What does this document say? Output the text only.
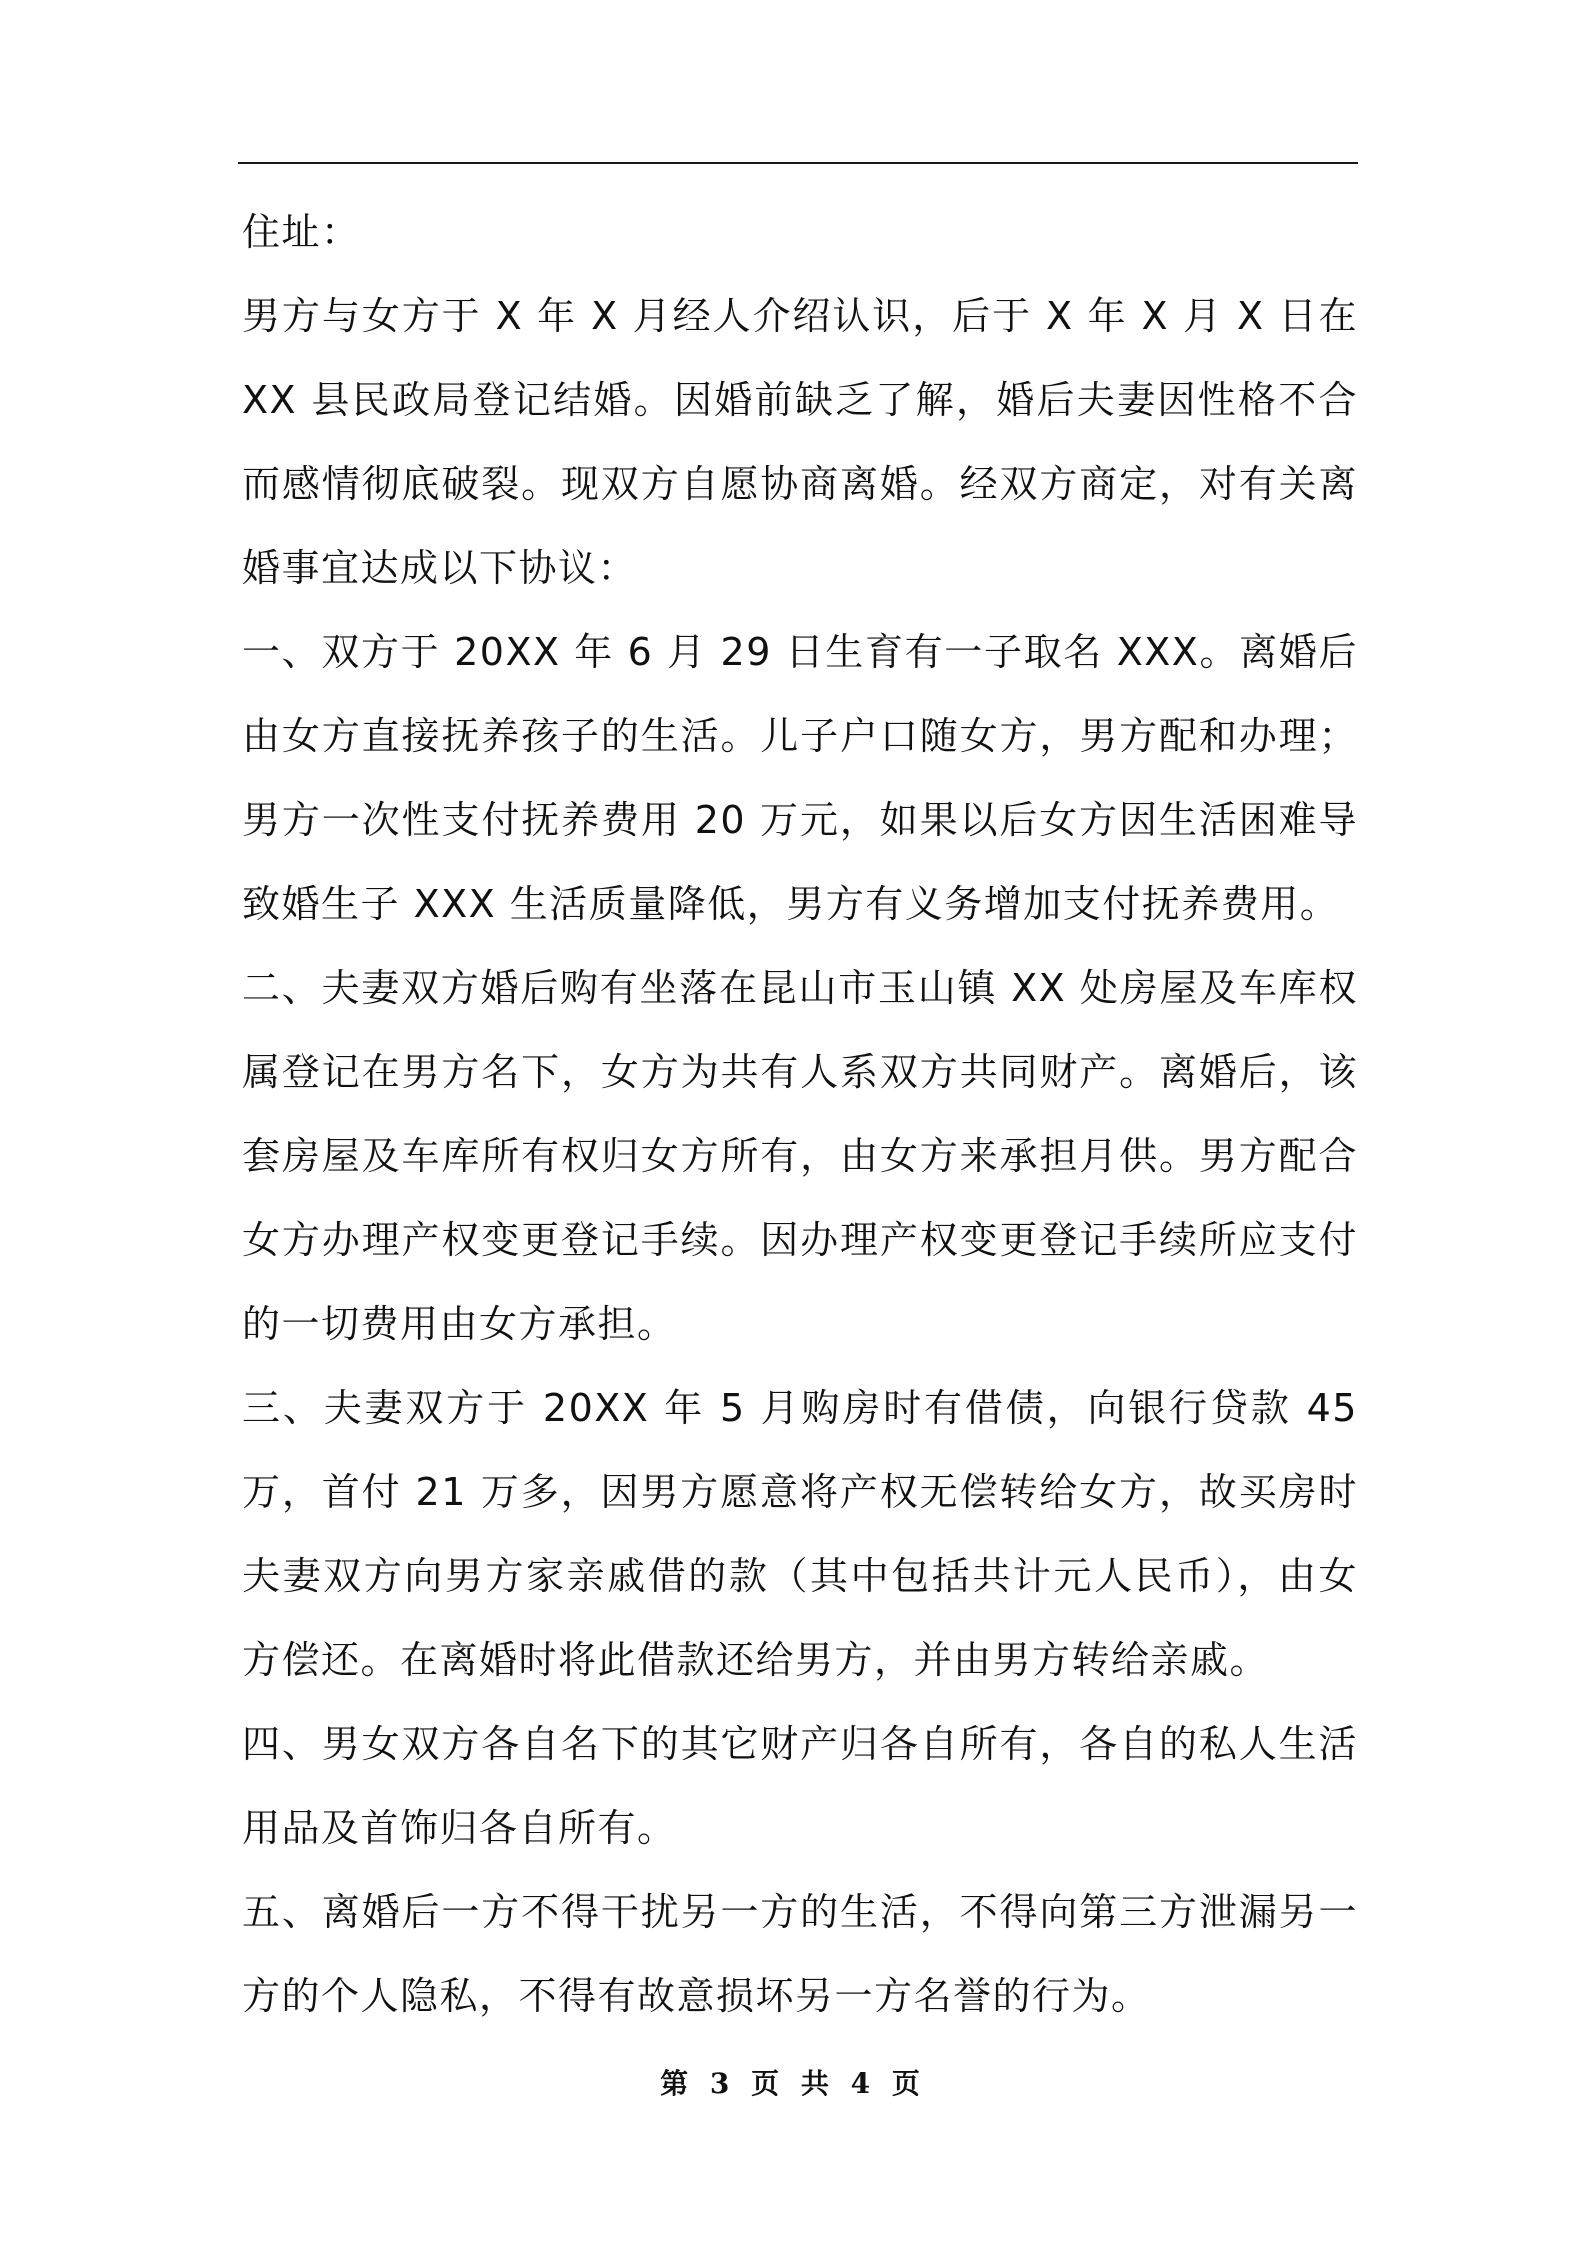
住址：

男方与女方于 X 年 X 月经人介绍认识，后于 X 年 X 月 X 日在 XX 县民政局登记结婚。因婚前缺乏了解，婚后夫妻因性格不合而感情彻底破裂。现双方自愿协商离婚。经双方商定，对有关离婚事宜达成以下协议：

一、双方于 20XX 年 6 月 29 日生育有一子取名 XXX。离婚后由女方直接抚养孩子的生活。儿子户口随女方，男方配和办理；男方一次性支付抚养费用 20 万元，如果以后女方因生活困难导致婚生子 XXX 生活质量降低，男方有义务增加支付抚养费用。

二、夫妻双方婚后购有坐落在昆山市玉山镇 XX 处房屋及车库权属登记在男方名下，女方为共有人系双方共同财产。离婚后，该套房屋及车库所有权归女方所有，由女方来承担月供。男方配合女方办理产权变更登记手续。因办理产权变更登记手续所应支付的一切费用由女方承担。

三、夫妻双方于 20XX 年 5 月购房时有借债，向银行贷款 45 万，首付 21 万多，因男方愿意将产权无偿转给女方，故买房时夫妻双方向男方家亲戚借的款（其中包括共计元人民币），由女方偿还。在离婚时将此借款还给男方，并由男方转给亲戚。

四、男女双方各自名下的其它财产归各自所有，各自的私人生活用品及首饰归各自所有。

五、离婚后一方不得干扰另一方的生活，不得向第三方泄漏另一方的个人隐私，不得有故意损坏另一方名誉的行为。

第 3 页 共 4 页
